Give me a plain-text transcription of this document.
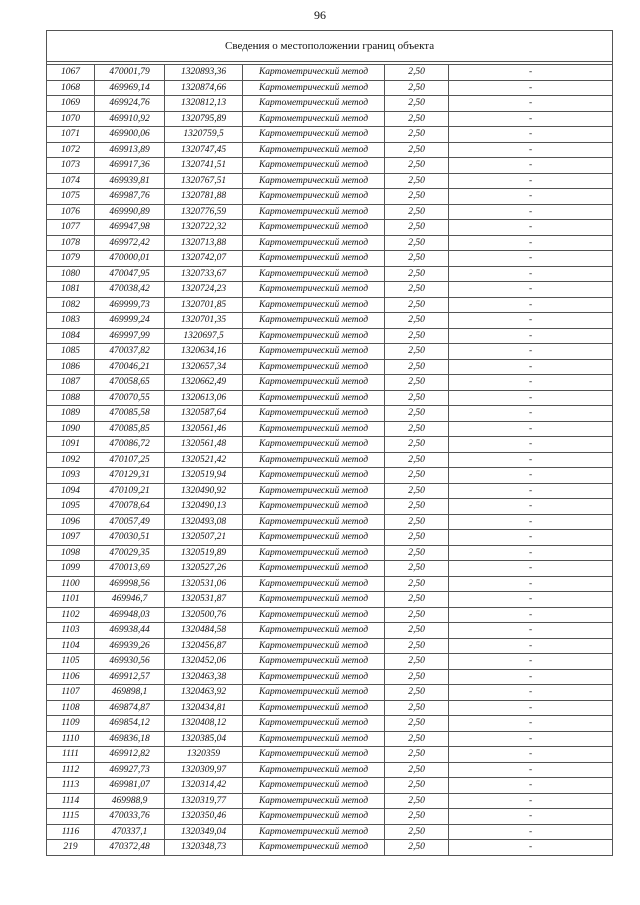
96
Сведения о местоположении границ объекта					

1067	470001,79	1320893,36	Картометрический метод	2,50	-
1068	469969,14	1320874,66	Картометрический метод	2,50	-
1069	469924,76	1320812,13	Картометрический метод	2,50	-
1070	469910,92	1320795,89	Картометрический метод	2,50	-
1071	469900,06	1320759,5	Картометрический метод	2,50	-
1072	469913,89	1320747,45	Картометрический метод	2,50	-
1073	469917,36	1320741,51	Картометрический метод	2,50	-
1074	469939,81	1320767,51	Картометрический метод	2,50	-
1075	469987,76	1320781,88	Картометрический метод	2,50	-
1076	469990,89	1320776,59	Картометрический метод	2,50	-
1077	469947,98	1320722,32	Картометрический метод	2,50	-
1078	469972,42	1320713,88	Картометрический метод	2,50	-
1079	470000,01	1320742,07	Картометрический метод	2,50	-
1080	470047,95	1320733,67	Картометрический метод	2,50	-
1081	470038,42	1320724,23	Картометрический метод	2,50	-
1082	469999,73	1320701,85	Картометрический метод	2,50	-
1083	469999,24	1320701,35	Картометрический метод	2,50	-
1084	469997,99	1320697,5	Картометрический метод	2,50	-
1085	470037,82	1320634,16	Картометрический метод	2,50	-
1086	470046,21	1320657,34	Картометрический метод	2,50	-
1087	470058,65	1320662,49	Картометрический метод	2,50	-
1088	470070,55	1320613,06	Картометрический метод	2,50	-
1089	470085,58	1320587,64	Картометрический метод	2,50	-
1090	470085,85	1320561,46	Картометрический метод	2,50	-
1091	470086,72	1320561,48	Картометрический метод	2,50	-
1092	470107,25	1320521,42	Картометрический метод	2,50	-
1093	470129,31	1320519,94	Картометрический метод	2,50	-
1094	470109,21	1320490,92	Картометрический метод	2,50	-
1095	470078,64	1320490,13	Картометрический метод	2,50	-
1096	470057,49	1320493,08	Картометрический метод	2,50	-
1097	470030,51	1320507,21	Картометрический метод	2,50	-
1098	470029,35	1320519,89	Картометрический метод	2,50	-
1099	470013,69	1320527,26	Картометрический метод	2,50	-
1100	469998,56	1320531,06	Картометрический метод	2,50	-
1101	469946,7	1320531,87	Картометрический метод	2,50	-
1102	469948,03	1320500,76	Картометрический метод	2,50	-
1103	469938,44	1320484,58	Картометрический метод	2,50	-
1104	469939,26	1320456,87	Картометрический метод	2,50	-
1105	469930,56	1320452,06	Картометрический метод	2,50	-
1106	469912,57	1320463,38	Картометрический метод	2,50	-
1107	469898,1	1320463,92	Картометрический метод	2,50	-
1108	469874,87	1320434,81	Картометрический метод	2,50	-
1109	469854,12	1320408,12	Картометрический метод	2,50	-
1110	469836,18	1320385,04	Картометрический метод	2,50	-
1111	469912,82	1320359	Картометрический метод	2,50	-
1112	469927,73	1320309,97	Картометрический метод	2,50	-
1113	469981,07	1320314,42	Картометрический метод	2,50	-
1114	469988,9	1320319,77	Картометрический метод	2,50	-
1115	470033,76	1320350,46	Картометрический метод	2,50	-
1116	470337,1	1320349,04	Картометрический метод	2,50	-
219	470372,48	1320348,73	Картометрический метод	2,50	-
